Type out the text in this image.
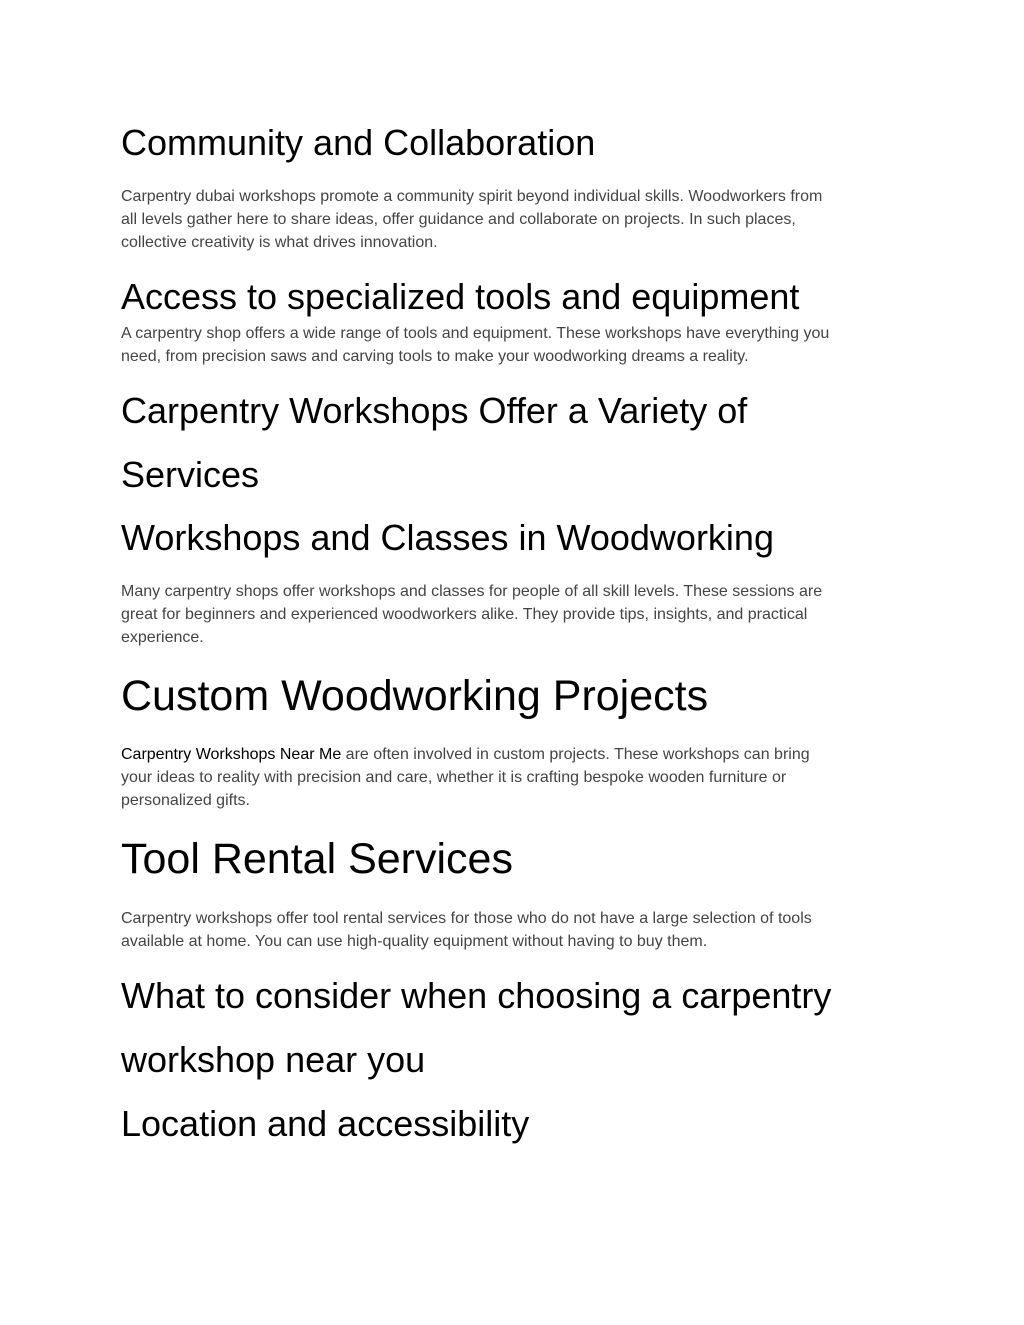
Community and Collaboration
Carpentry dubai workshops promote a community spirit beyond individual skills. Woodworkers from
all levels gather here to share ideas, offer guidance and collaborate on projects. In such places,
collective creativity is what drives innovation.
Access to specialized tools and equipment
A carpentry shop offers a wide range of tools and equipment. These workshops have everything you
need, from precision saws and carving tools to make your woodworking dreams a reality.
Carpentry Workshops Offer a Variety of
Services
Workshops and Classes in Woodworking
Many carpentry shops offer workshops and classes for people of all skill levels. These sessions are
great for beginners and experienced woodworkers alike. They provide tips, insights, and practical
experience.
Custom Woodworking Projects
Carpentry Workshops Near Me are often involved in custom projects. These workshops can bring
your ideas to reality with precision and care, whether it is crafting bespoke wooden furniture or
personalized gifts.
Tool Rental Services
Carpentry workshops offer tool rental services for those who do not have a large selection of tools
available at home. You can use high-quality equipment without having to buy them.
What to consider when choosing a carpentry
workshop near you
Location and accessibility
